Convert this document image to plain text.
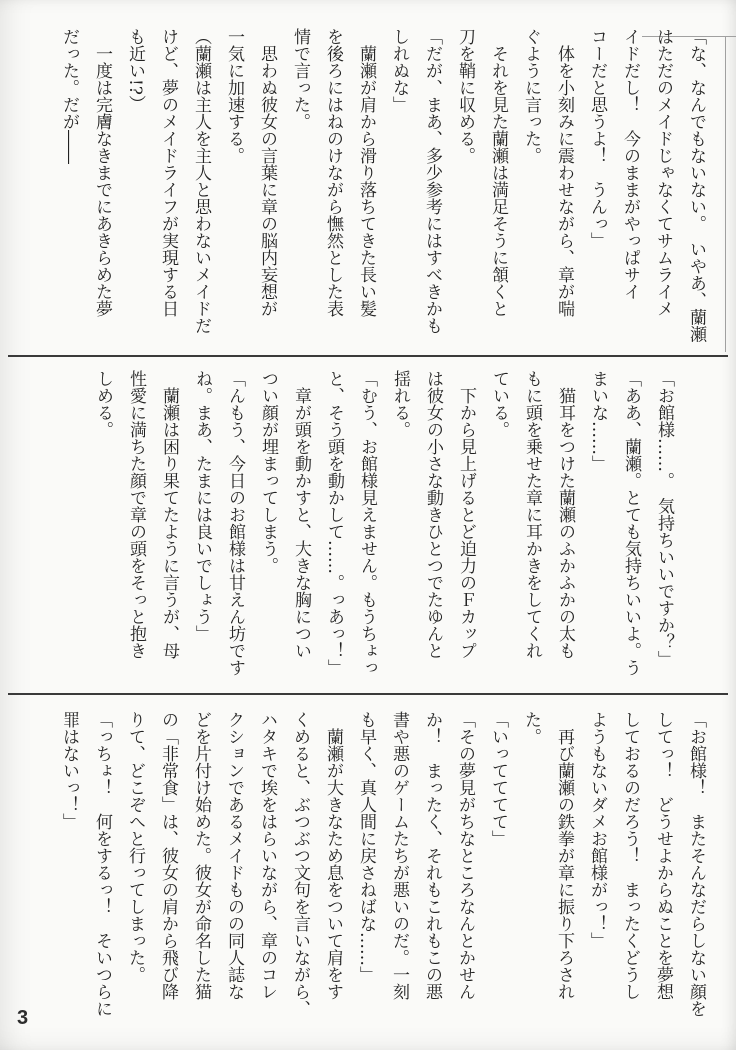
「な、なんでもないない。　いやあ、蘭瀬
はただのメイドじゃなくてサムライメ
イドだし！　今のままがやっぱサイ
コーだと思うよ！　うんっ」
　体を小刻みに震わせながら、章が喘
ぐように言った。
　それを見た蘭瀬は満足そうに頷くと
刀を鞘に収める。
「だが、まあ、多少参考にはすべきかも
しれぬな」
　蘭瀬が肩から滑り落ちてきた長い髪
を後ろにはねのけながら憮然とした表
情で言った。
　思わぬ彼女の言葉に章の脳内妄想が
一気に加速する。
（蘭瀬は主人を主人と思わないメイドだ
けど、夢のメイドライフが実現する日
も近い!?）
　一度は完膚なきまでにあきらめた夢
だった。だが――
「お館様……。　気持ちいいですか？」
「ああ、蘭瀬。とても気持ちいいよ。う
まいな……」
　猫耳をつけた蘭瀬のふかふかの太も
もに頭を乗せた章に耳かきをしてくれ
ている。
　下から見上げるとど迫力のＦカップ
は彼女の小さな動きひとつでたゆんと
揺れる。
「むう、お館様見えません。もうちょっ
と、そう頭を動かして……。っあっ！」
　章が頭を動かすと、大きな胸につい
つい顔が埋まってしまう。
「んもう、今日のお館様は甘えん坊です
ね。まあ、たまには良いでしょう」
　蘭瀬は困り果てたように言うが、母
性愛に満ちた顔で章の頭をそっと抱き
しめる。
「お館様！　またそんなだらしない顔を
してっ！　どうせよからぬことを夢想
しておるのだろう！　まったくどうし
ようもないダメお館様がっ！」
　再び蘭瀬の鉄拳が章に振り下ろされ
た。
「いってててて」
「その夢見がちなところなんとかせん
か！　まったく、それもこれもこの悪
書や悪のゲームたちが悪いのだ。一刻
も早く、真人間に戻さねばな……」
　蘭瀬が大きなため息をついて肩をす
くめると、ぶつぶつ文句を言いながら、
ハタキで埃をはらいながら、章のコレ
クションであるメイドものの同人誌な
どを片付け始めた。彼女が命名した猫
の「非常食」は、彼女の肩から飛び降
りて、どこぞへと行ってしまった。
「っちょ！　何をするっ！　そいつらに
罪はないっ！」
3
